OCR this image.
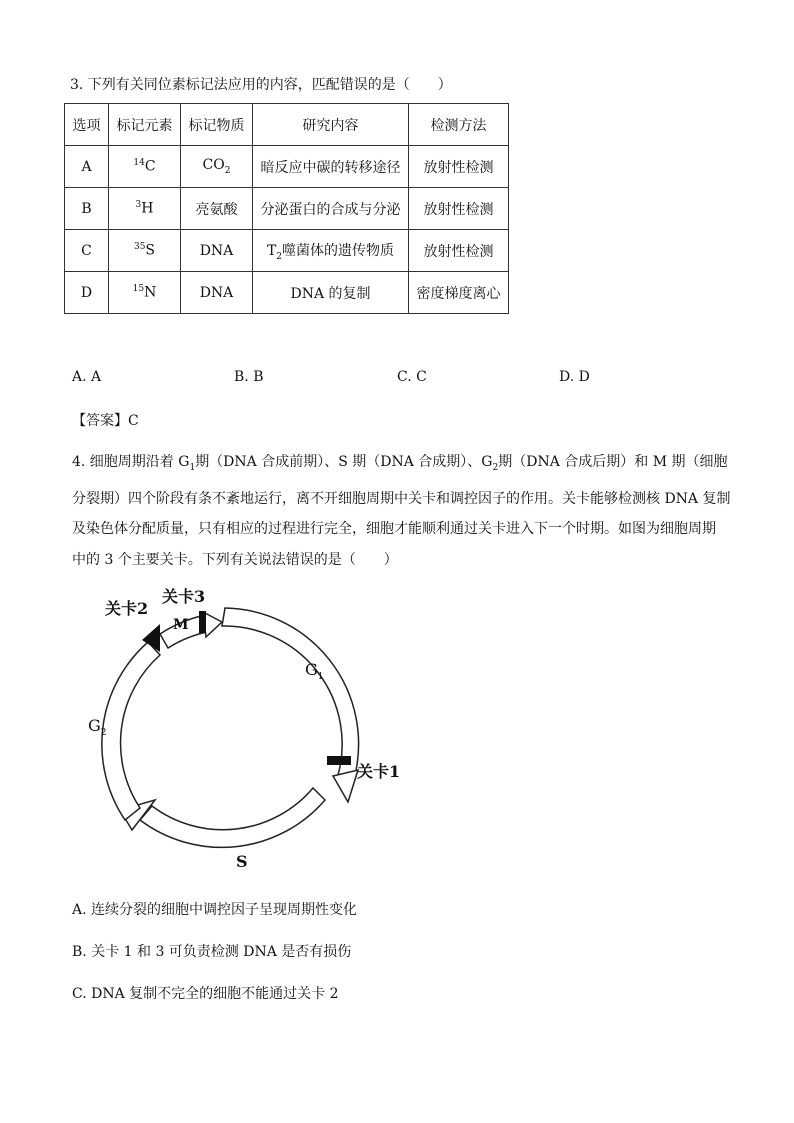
3. 下列有关同位素标记法应用的内容，匹配错误的是（　　）
选项	标记元素	标记物质	研究内容	检测方法
A	$^{14}$C	$CO_2$	暗反应中碳的转移途径	放射性检测
B	$^3$H	亮氨酸	分泌蛋白的合成与分泌	放射性检测
C	$^{35}$S	DNA	$T_2$噬菌体的遗传物质	放射性检测
D	$^{15}$N	DNA	DNA 的复制	密度梯度离心
A. A	B. B	C. C	D. D
【答案】C
4. 细胞周期沿着 $G_1$期（DNA 合成前期）、S 期（DNA 合成期）、$G_2$期（DNA 合成后期）和 M 期（细胞
分裂期）四个阶段有条不紊地运行，离不开细胞周期中关卡和调控因子的作用。关卡能够检测核 DNA 复制
及染色体分配质量，只有相应的过程进行完全，细胞才能顺利通过关卡进入下一个时期。如图为细胞周期
中的 3 个主要关卡。下列有关说法错误的是（　　）
关卡2
关卡3
M
关卡1
$G_1$
$G_2$
S
A. 连续分裂的细胞中调控因子呈现周期性变化
B. 关卡 1 和 3 可负责检测 DNA 是否有损伤
C. DNA 复制不完全的细胞不能通过关卡 2
